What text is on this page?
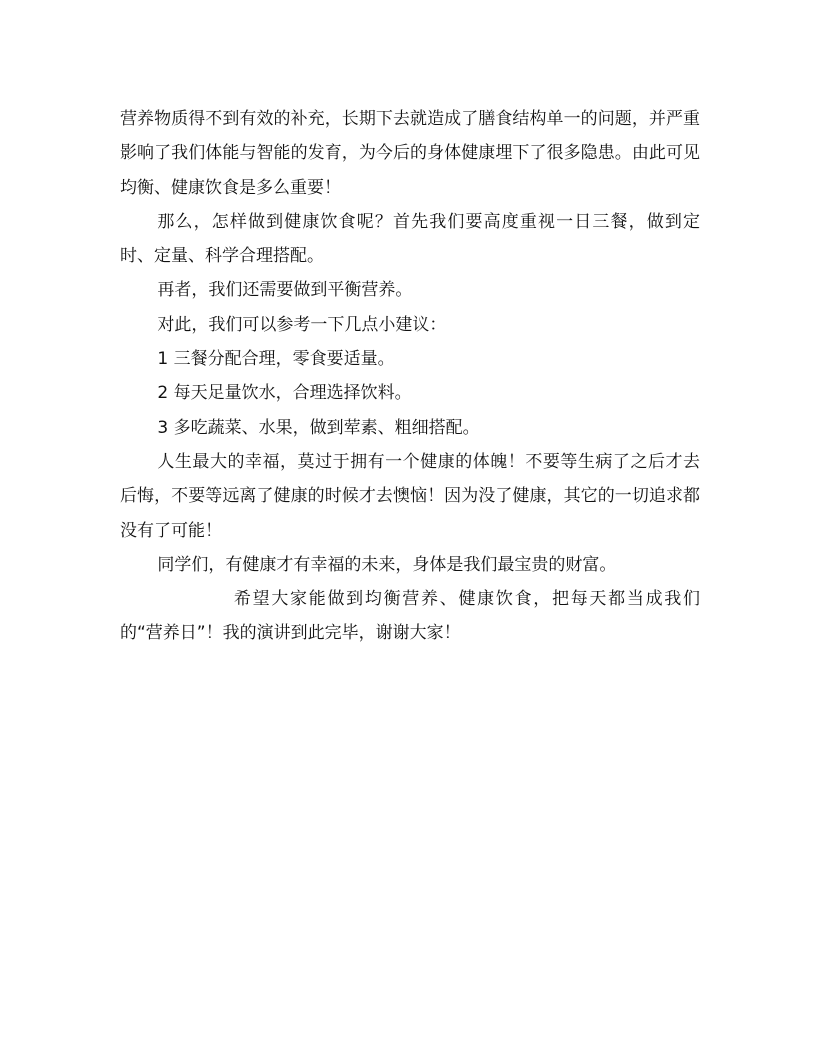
营养物质得不到有效的补充，长期下去就造成了膳食结构单一的问题，并严重影响了我们体能与智能的发育，为今后的身体健康埋下了很多隐患。由此可见均衡、健康饮食是多么重要！

那么，怎样做到健康饮食呢？首先我们要高度重视一日三餐，做到定时、定量、科学合理搭配。

再者，我们还需要做到平衡营养。

对此，我们可以参考一下几点小建议：

1 三餐分配合理，零食要适量。

2 每天足量饮水，合理选择饮料。

3 多吃蔬菜、水果，做到荤素、粗细搭配。

人生最大的幸福，莫过于拥有一个健康的体魄！不要等生病了之后才去后悔，不要等远离了健康的时候才去懊恼！因为没了健康，其它的一切追求都没有了可能！

同学们，有健康才有幸福的未来，身体是我们最宝贵的财富。

希望大家能做到均衡营养、健康饮食，把每天都当成我们的“营养日”！我的演讲到此完毕，谢谢大家！
